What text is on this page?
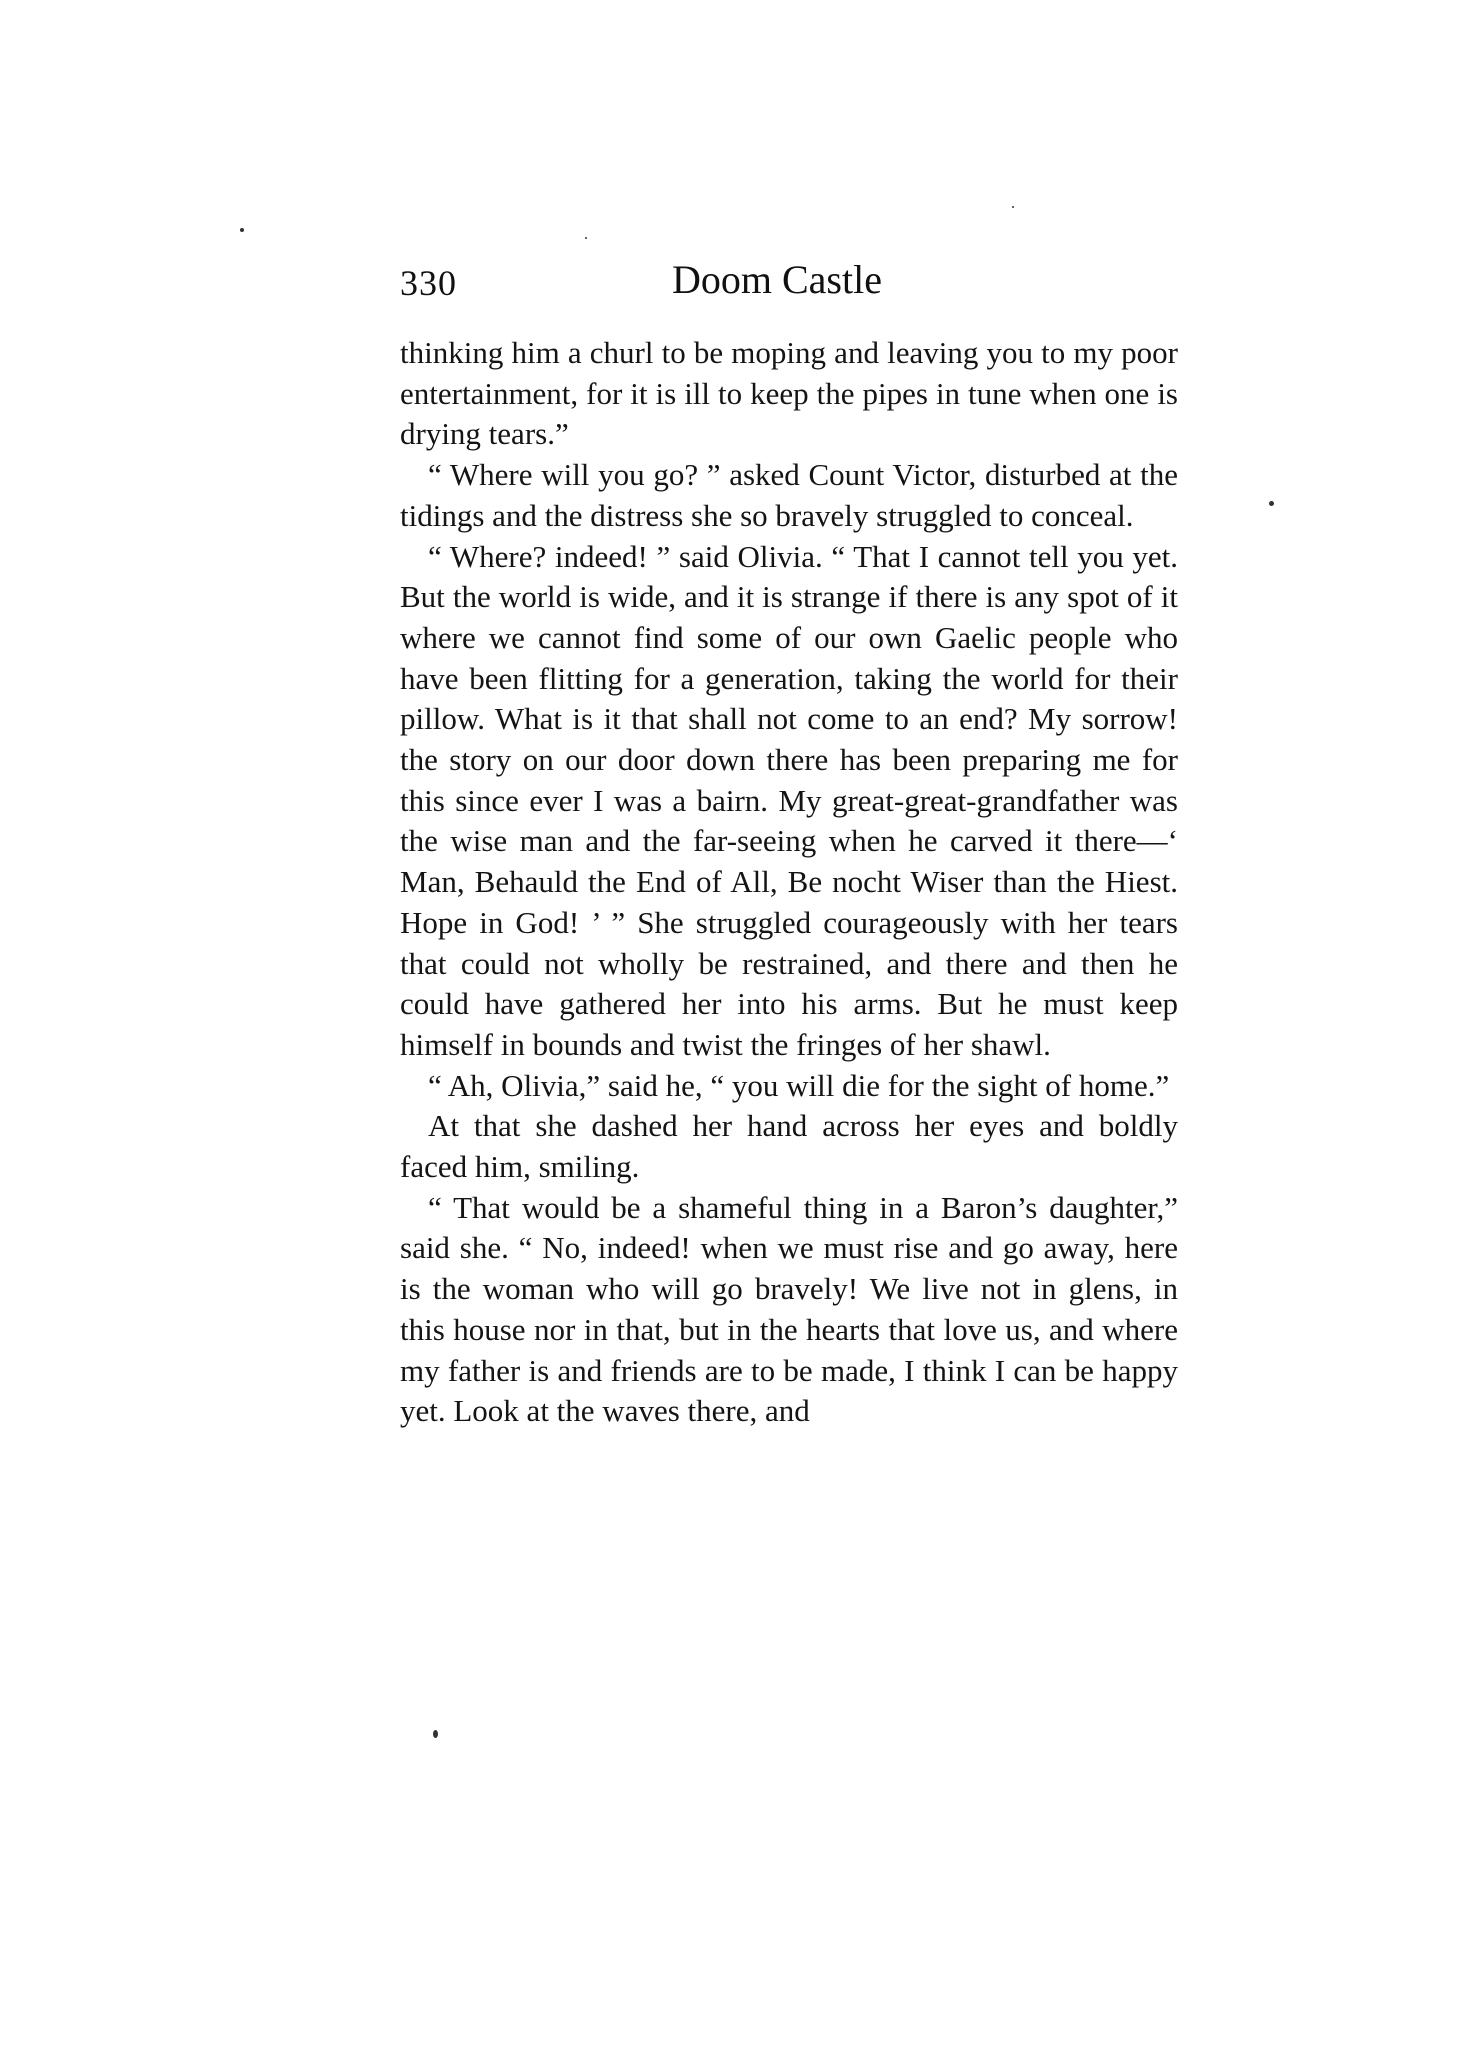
330	Doom Castle

thinking him a churl to be moping and leaving you to my poor entertainment, for it is ill to keep the pipes in tune when one is drying tears.”

“ Where will you go? ” asked Count Victor, disturbed at the tidings and the distress she so bravely struggled to conceal.

“ Where? indeed! ” said Olivia. “ That I cannot tell you yet. But the world is wide, and it is strange if there is any spot of it where we cannot find some of our own Gaelic people who have been flitting for a generation, taking the world for their pillow. What is it that shall not come to an end? My sorrow! the story on our door down there has been preparing me for this since ever I was a bairn. My great-great-grandfather was the wise man and the far-seeing when he carved it there—‘ Man, Behauld the End of All, Be nocht Wiser than the Hiest. Hope in God! ’ ” She struggled courageously with her tears that could not wholly be restrained, and there and then he could have gathered her into his arms. But he must keep himself in bounds and twist the fringes of her shawl.

“ Ah, Olivia,” said he, “ you will die for the sight of home.”

At that she dashed her hand across her eyes and boldly faced him, smiling.

“ That would be a shameful thing in a Baron’s daughter,” said she. “ No, indeed! when we must rise and go away, here is the woman who will go bravely! We live not in glens, in this house nor in that, but in the hearts that love us, and where my father is and friends are to be made, I think I can be happy yet. Look at the waves there, and
